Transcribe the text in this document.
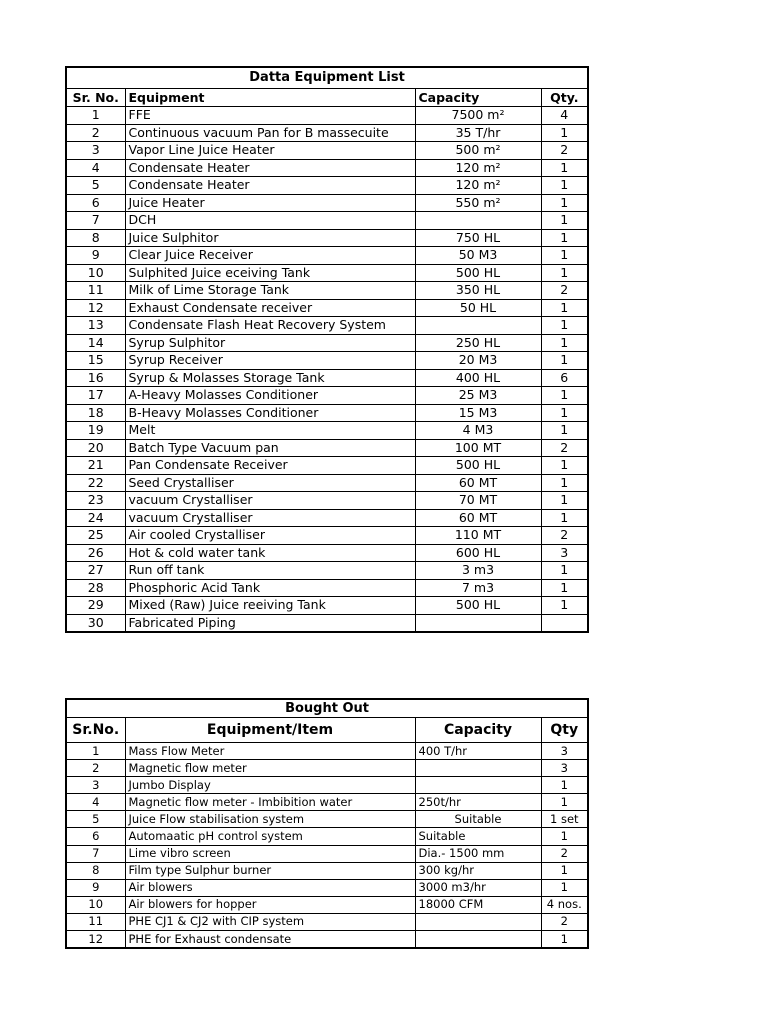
Datta Equipment List			
Sr. No.	Equipment	Capacity	Qty.
1	FFE	7500 m²	4
2	Continuous vacuum Pan for B massecuite	35 T/hr	1
3	Vapor Line Juice Heater	500 m²	2
4	Condensate Heater	120 m²	1
5	Condensate Heater	120 m²	1
6	Juice Heater	550 m²	1
7	DCH		1
8	Juice Sulphitor	750 HL	1
9	Clear Juice Receiver	50 M3	1
10	Sulphited Juice eceiving Tank	500 HL	1
11	Milk of Lime Storage Tank	350 HL	2
12	Exhaust Condensate receiver	50 HL	1
13	Condensate Flash Heat Recovery System		1
14	Syrup Sulphitor	250 HL	1
15	Syrup Receiver	20 M3	1
16	Syrup & Molasses Storage Tank	400 HL	6
17	A-Heavy Molasses Conditioner	25 M3	1
18	B-Heavy Molasses Conditioner	15 M3	1
19	Melt	4 M3	1
20	Batch Type Vacuum pan	100 MT	2
21	Pan Condensate Receiver	500 HL	1
22	Seed Crystalliser	60 MT	1
23	vacuum Crystalliser	70 MT	1
24	vacuum Crystalliser	60 MT	1
25	Air cooled Crystalliser	110 MT	2
26	Hot & cold water tank	600 HL	3
27	Run off tank	3 m3	1
28	Phosphoric Acid Tank	7 m3	1
29	Mixed (Raw) Juice reeiving Tank	500 HL	1
30	Fabricated Piping		
Bought Out			
Sr.No.	Equipment/Item	Capacity	Qty
1	Mass Flow Meter	400 T/hr	3
2	Magnetic flow meter		3
3	Jumbo Display		1
4	Magnetic flow meter - Imbibition water	250t/hr	1
5	Juice Flow stabilisation system	Suitable	1 set
6	Automaatic pH control system	Suitable	1
7	Lime vibro screen	Dia.- 1500 mm	2
8	Film type Sulphur burner	300 kg/hr	1
9	Air blowers	3000 m3/hr	1
10	Air blowers for hopper	18000 CFM	4 nos.
11	PHE CJ1 & CJ2 with CIP system		2
12	PHE for Exhaust condensate		1
